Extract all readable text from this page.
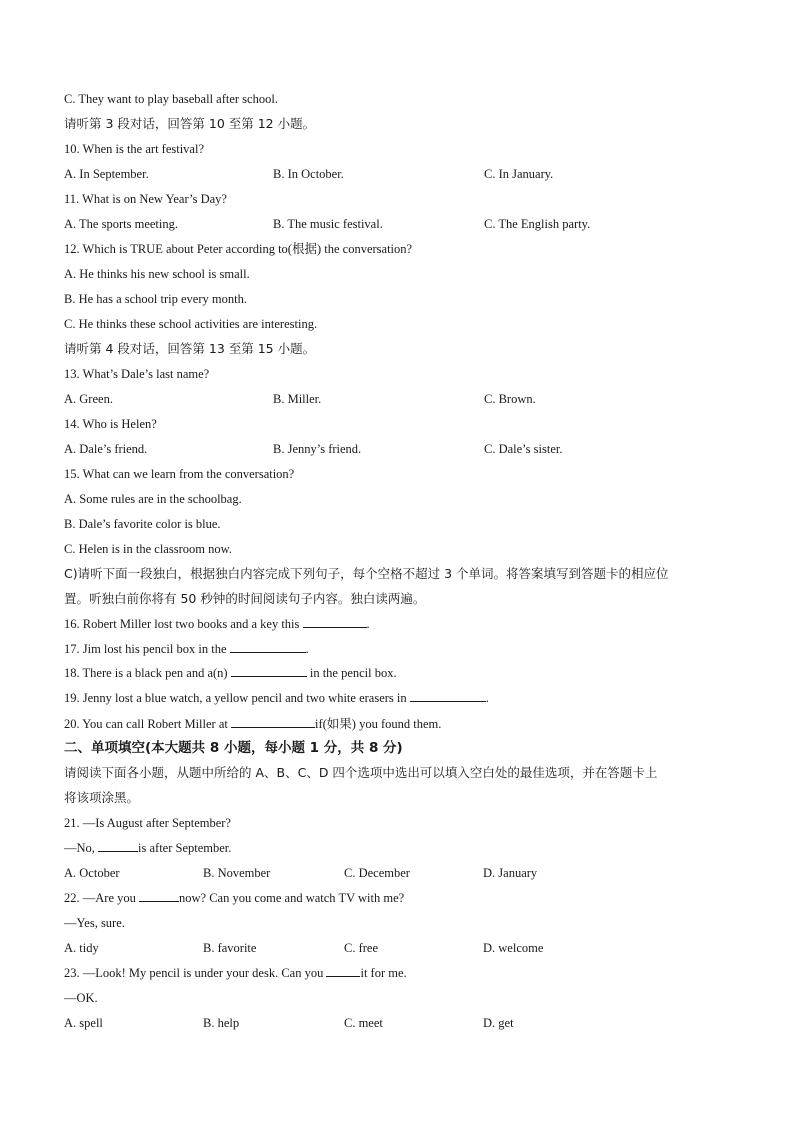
C. They want to play baseball after school.
请听第 3 段对话，回答第 10 至第 12 小题。
10. When is the art festival?
A. In September.	B. In October.	C. In January.
11. What is on New Year’s Day?
A. The sports meeting.	B. The music festival.	C. The English party.
12. Which is TRUE about Peter according to(根据) the conversation?
A. He thinks his new school is small.
B. He has a school trip every month.
C. He thinks these school activities are interesting.
请听第 4 段对话，回答第 13 至第 15 小题。
13. What’s Dale’s last name?
A. Green.	B. Miller.	C. Brown.
14. Who is Helen?
A. Dale’s friend.	B. Jenny’s friend.	C. Dale’s sister.
15. What can we learn from the conversation?
A. Some rules are in the schoolbag.
B. Dale’s favorite color is blue.
C. Helen is in the classroom now.
C)请听下面一段独白，根据独白内容完成下列句子，每个空格不超过 3 个单词。将答案填写到答题卡的相应位
置。听独白前你将有 50 秒钟的时间阅读句子内容。独白读两遍。
16. Robert Miller lost two books and a key this	.
17. Jim lost his pencil box in the	.
18. There is a black pen and a(n)	in the pencil box.
19. Jenny lost a blue watch, a yellow pencil and two white erasers in	.
20. You can call Robert Miller at	if(如果) you found them.
二、单项填空(本大题共 8 小题，每小题 1 分，共 8 分)
请阅读下面各小题，从题中所给的 A、B、C、D 四个选项中选出可以填入空白处的最佳选项，并在答题卡上
将该项涂黑。
21. —Is August after September?
—No,	is after September.
A. October	B. November	C. December	D. January
22. —Are you	now? Can you come and watch TV with me?
—Yes, sure.
A. tidy	B. favorite	C. free	D. welcome
23. —Look! My pencil is under your desk. Can you	it for me.
—OK.
A. spell	B. help	C. meet	D. get
